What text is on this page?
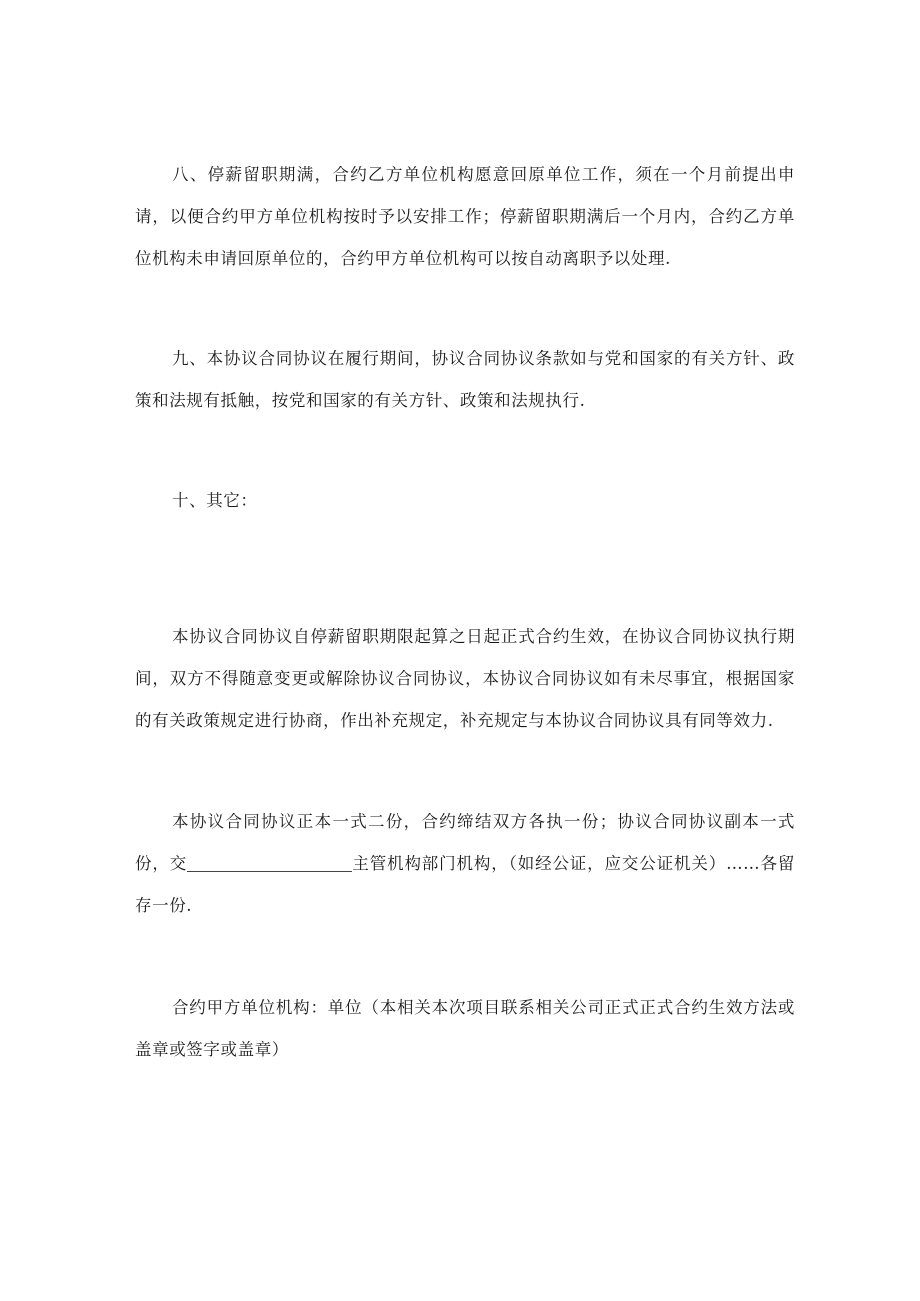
八、停薪留职期满，合约乙方单位机构愿意回原单位工作，须在一个月前提出申请，以便合约甲方单位机构按时予以安排工作；停薪留职期满后一个月内，合约乙方单位机构未申请回原单位的，合约甲方单位机构可以按自动离职予以处理.

九、本协议合同协议在履行期间，协议合同协议条款如与党和国家的有关方针、政策和法规有抵触，按党和国家的有关方针、政策和法规执行.

十、其它：

本协议合同协议自停薪留职期限起算之日起正式合约生效，在协议合同协议执行期间，双方不得随意变更或解除协议合同协议，本协议合同协议如有未尽事宜，根据国家的有关政策规定进行协商，作出补充规定，补充规定与本协议合同协议具有同等效力.

本协议合同协议正本一式二份，合约缔结双方各执一份；协议合同协议副本一式份，交	主管机构部门机构，（如经公证，应交公证机关）……各留存一份.

合约甲方单位机构：单位（本相关本次项目联系相关公司正式正式合约生效方法或盖章或签字或盖章）
